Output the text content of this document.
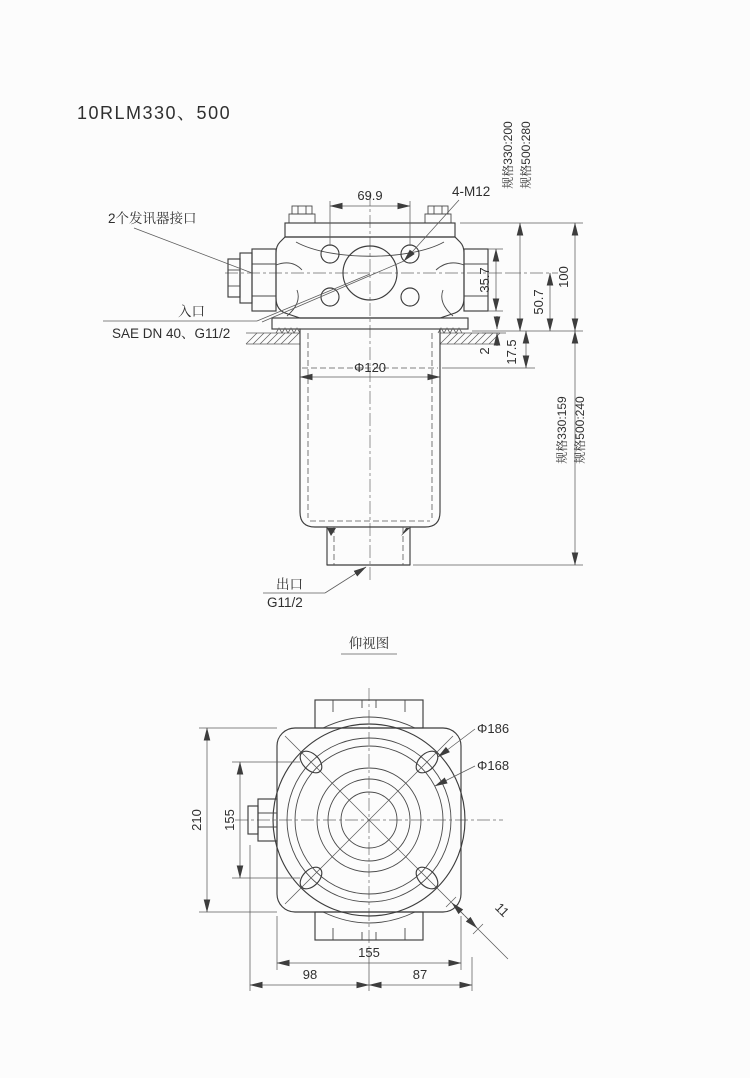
10RLM330、500
2个发讯器接口
入口
SAE DN 40、G11/2
4-M12
出口
G11/2
69.9
规格330:200 规格500:280
100
35.7
50.7
17.5
2
规格330:159 规格500:240
Φ120
仰视图
Φ186
Φ168
11
210 155
155
98	87
